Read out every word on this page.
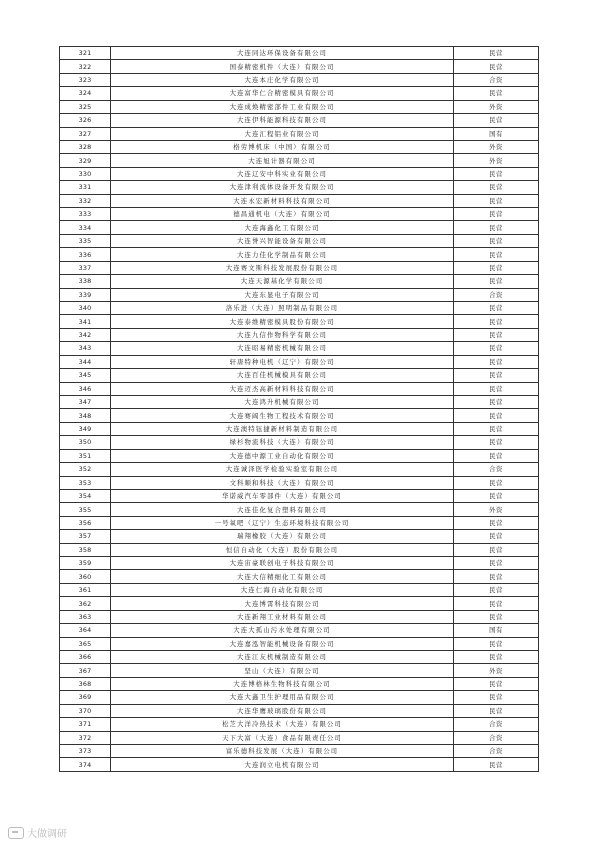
321	大连同达环保设备有限公司	民营
322	国泰精密机件（大连）有限公司	民营
323	大连本庄化学有限公司	合资
324	大连富华仁合精密模具有限公司	民营
325	大连成焕精密部件工业有限公司	外资
326	大连伊科能源科技有限公司	民营
327	大连汇程铝业有限公司	国有
328	格劳博机床（中国）有限公司	外资
329	大连旭计器有限公司	外资
330	大连辽安中科实业有限公司	民营
331	大连津利流体设备开发有限公司	民营
332	大连永宏新材料科技有限公司	民营
333	德昌通机电（大连）有限公司	民营
334	大连海鑫化工有限公司	民营
335	大连誉兴智能设备有限公司	民营
336	大连力佳化学制品有限公司	民营
337	大连赛文斯科技发展股份有限公司	民营
338	大连天源基化学有限公司	民营
339	大连东显电子有限公司	合资
340	洛乐进（大连）照明制品有限公司	民营
341	大连泰维精密模具股份有限公司	民营
342	大连九信作物科学有限公司	民营
343	大连昭易精密机械有限公司	民营
344	轩唐特种电机（辽宁）有限公司	民营
345	大连百佳机械模具有限公司	民营
346	大连迈杰高新材料科技有限公司	民营
347	大连鸿升机械有限公司	民营
348	大连赛阔生物工程技术有限公司	民营
349	大连澳特钰捷新材料制造有限公司	民营
350	绿杉物流科技（大连）有限公司	民营
351	大连德中源工业自动化有限公司	民营
352	大连诚泽医学检验实验室有限公司	合资
353	文科顺和科技（大连）有限公司	民营
354	华诺威汽车零部件（大连）有限公司	民营
355	大连佳化复合塑料有限公司	外资
356	一号氧吧（辽宁）生态环境科技有限公司	民营
357	瑞翔橡胶（大连）有限公司	民营
358	恒信自动化（大连）股份有限公司	民营
359	大连宙豪联创电子科技有限公司	民营
360	大连大信精细化工有限公司	民营
361	大连仁海自动化有限公司	民营
362	大连博霄科技有限公司	民营
363	大连新翔工业材料有限公司	民营
364	大连大孤山污水处理有限公司	国有
365	大连嘉泓智能机械设备有限公司	民营
366	大连江友机械制造有限公司	民营
367	坚山（大连）有限公司	外资
368	大连博格林生物科技有限公司	民营
369	大连大鑫卫生护理用品有限公司	民营
370	大连华鹰玻璃股份有限公司	民营
371	松芝大洋冷热技术（大连）有限公司	合资
372	天下大富（大连）食品有限责任公司	合资
373	富乐德科技发展（大连）有限公司	合资
374	大连润立电机有限公司	民营
大做调研
